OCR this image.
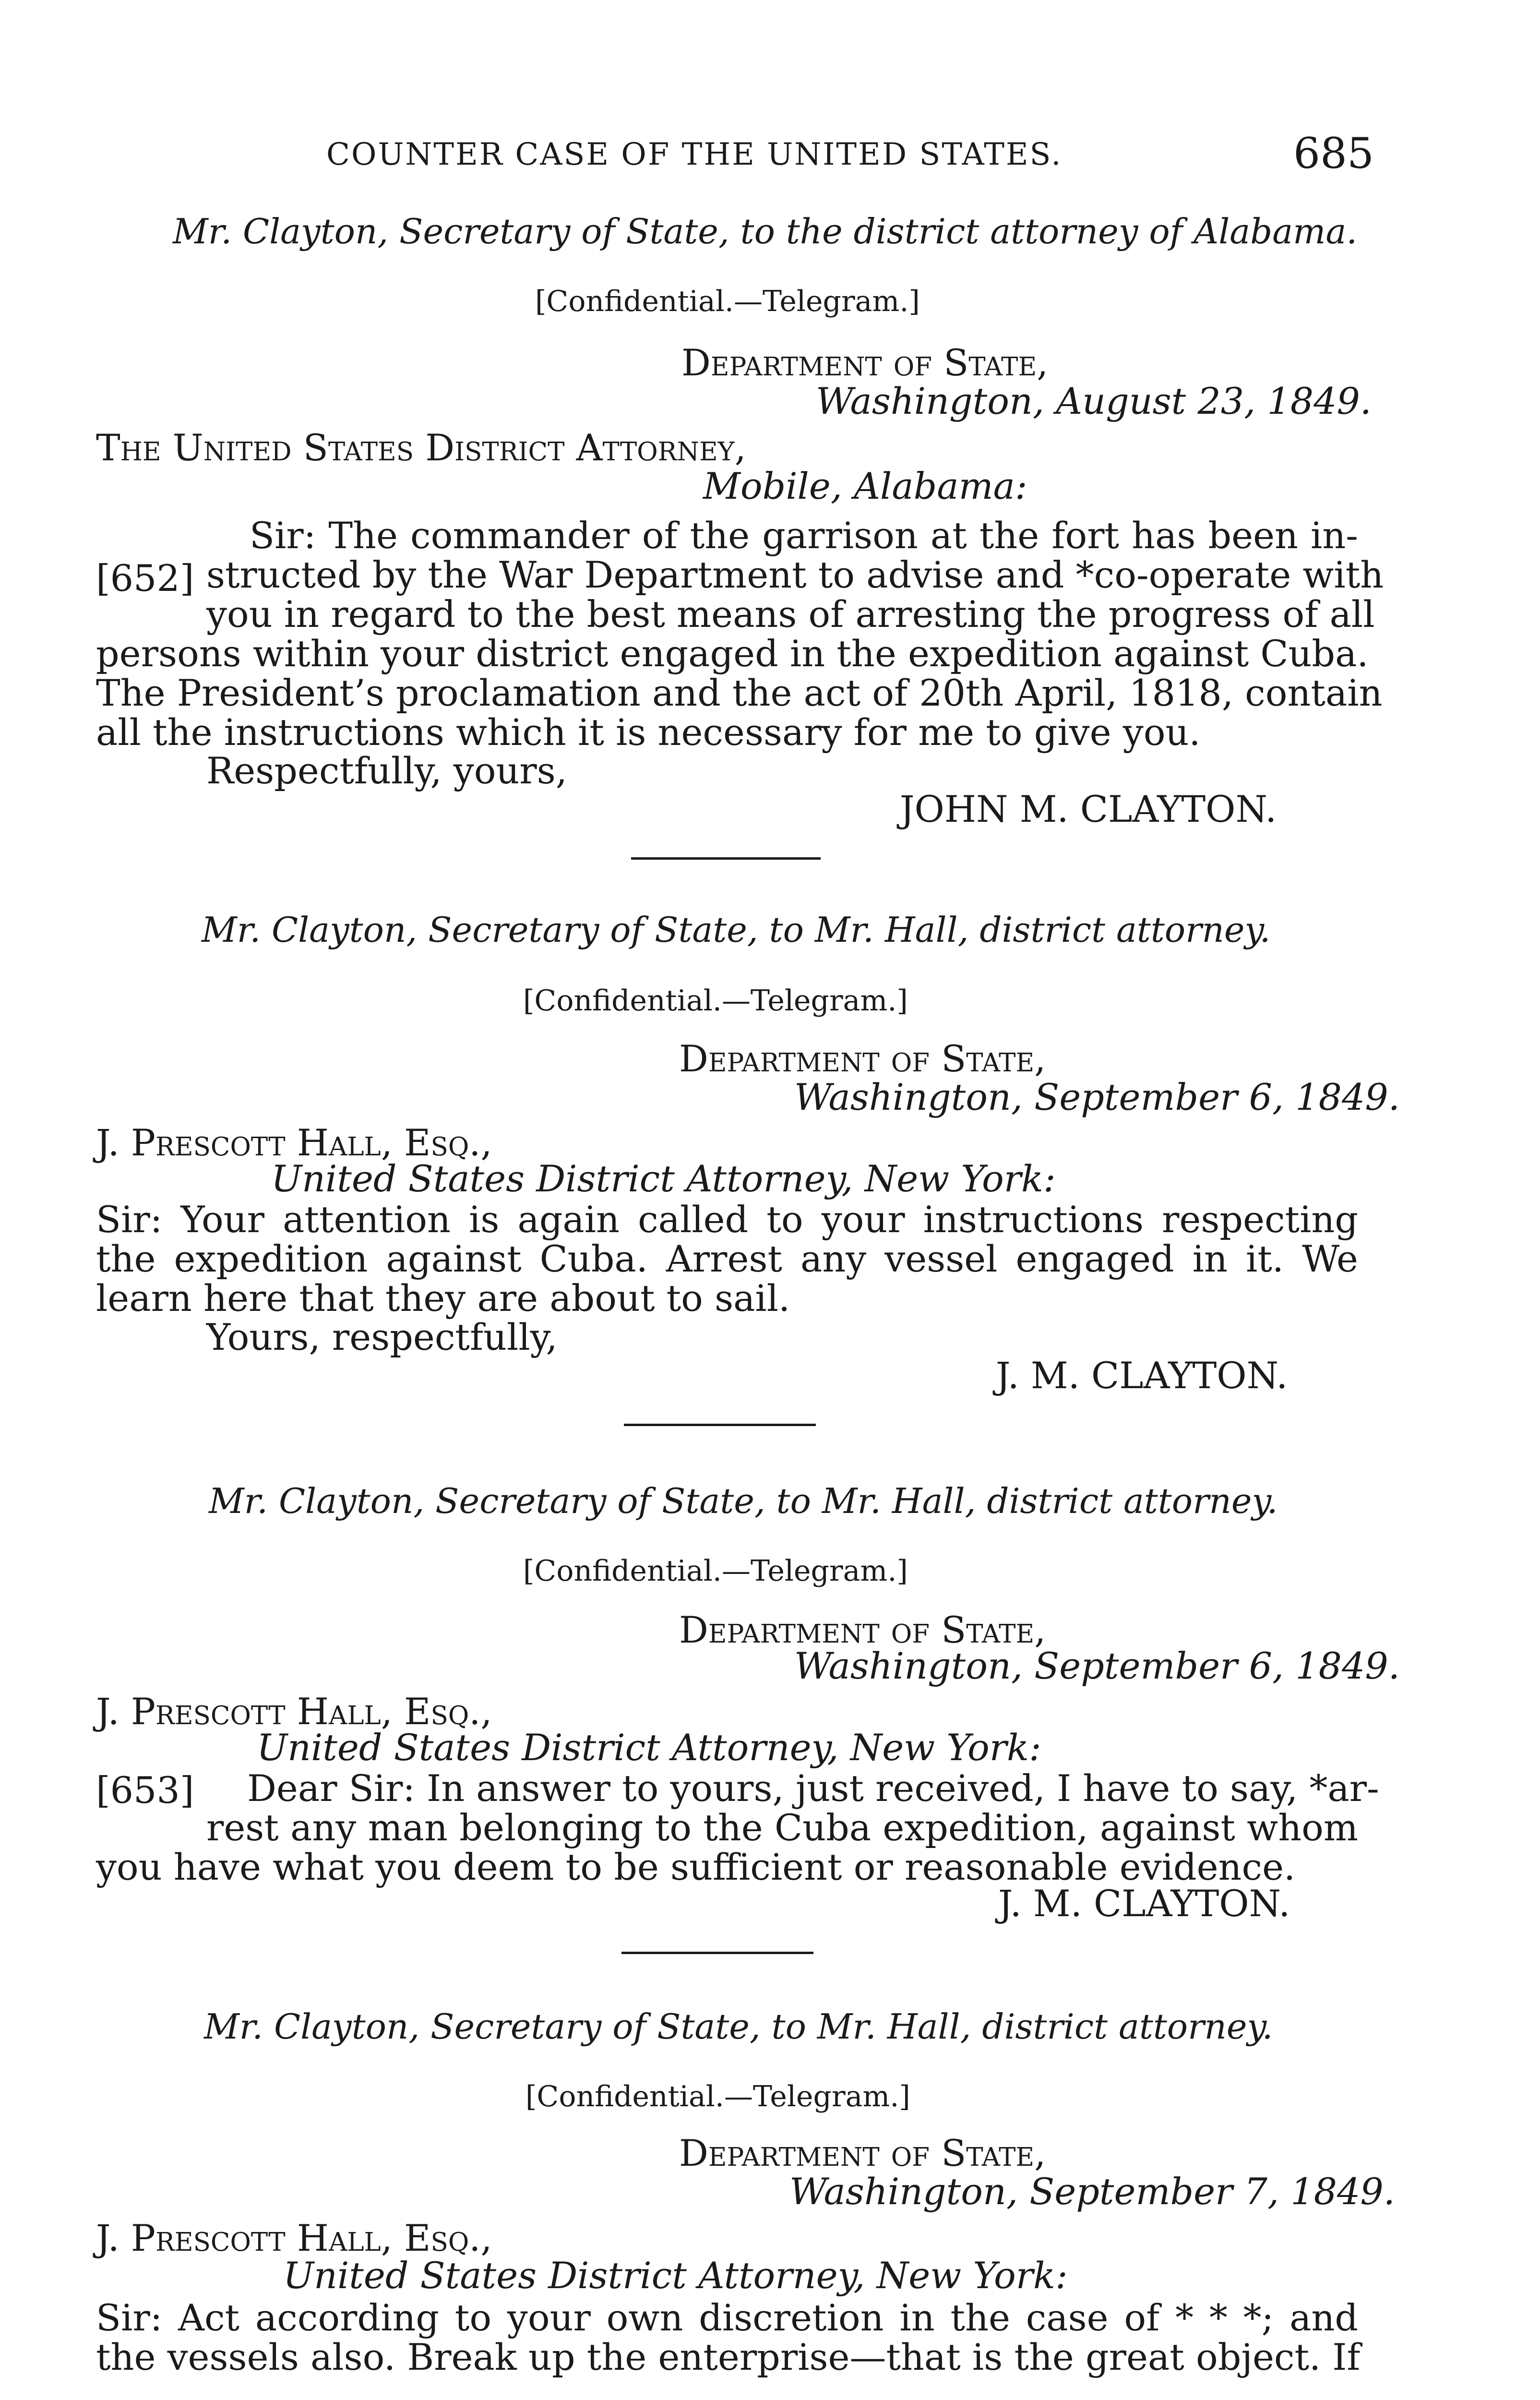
COUNTER CASE OF THE UNITED STATES.	685
Mr. Clayton, Secretary of State, to the district attorney of Alabama.
[Confidential.—Telegram.]
Department of State,
Washington, August 23, 1849.
The United States District Attorney,
Mobile, Alabama:
[652]
Sir: The commander of the garrison at the fort has been in-
structed by the War Department to advise and *co-operate with
you in regard to the best means of arresting the progress of all
persons within your district engaged in the expedition against Cuba.
The President’s proclamation and the act of 20th April, 1818, contain
all the instructions which it is necessary for me to give you.
Respectfully, yours,
JOHN M. CLAYTON.
Mr. Clayton, Secretary of State, to Mr. Hall, district attorney.
[Confidential.—Telegram.]
Department of State,
Washington, September 6, 1849.
J. Prescott Hall, Esq.,
United States District Attorney, New York:
Sir: Your attention is again called to your instructions respecting
the expedition against Cuba. Arrest any vessel engaged in it. We
learn here that they are about to sail.
Yours, respectfully,
J. M. CLAYTON.
Mr. Clayton, Secretary of State, to Mr. Hall, district attorney.
[Confidential.—Telegram.]
Department of State,
Washington, September 6, 1849.
J. Prescott Hall, Esq.,
United States District Attorney, New York:
[653]	Dear Sir: In answer to yours, just received, I have to say, *ar-
rest any man belonging to the Cuba expedition, against whom
you have what you deem to be sufficient or reasonable evidence.
J. M. CLAYTON.
Mr. Clayton, Secretary of State, to Mr. Hall, district attorney.
[Confidential.—Telegram.]
Department of State,
Washington, September 7, 1849.
J. Prescott Hall, Esq.,
United States District Attorney, New York:
Sir: Act according to your own discretion in the case of * * *; and
the vessels also. Break up the enterprise—that is the great object. If
